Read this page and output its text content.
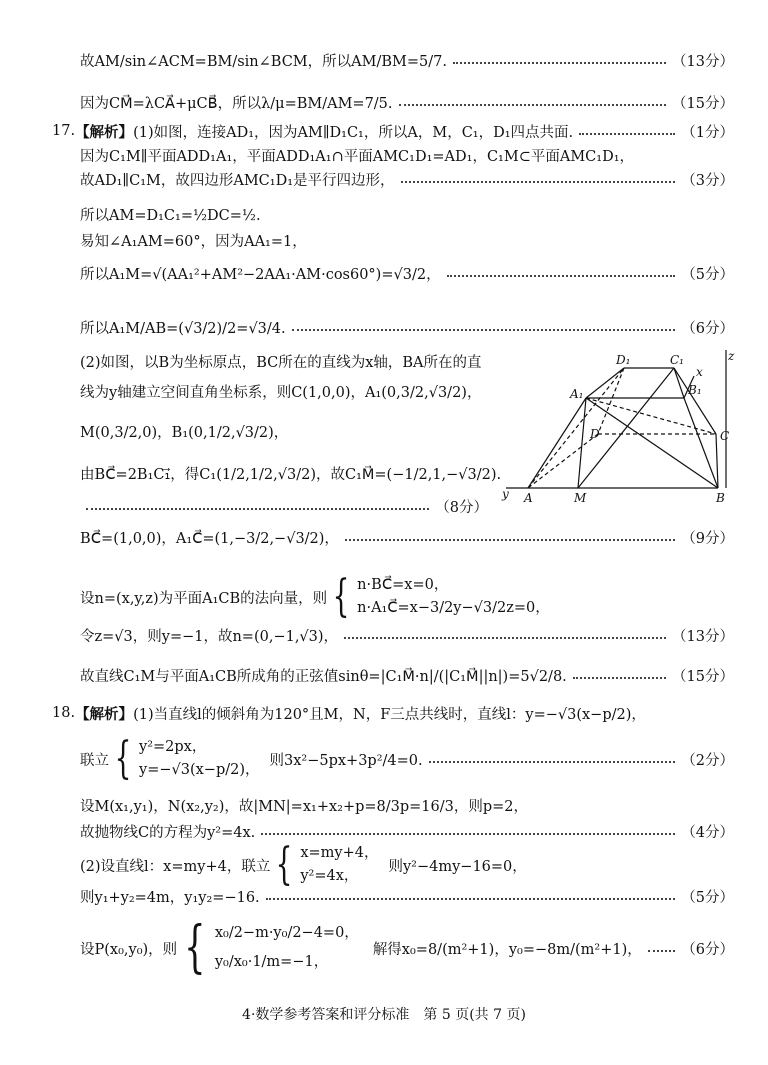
故AM/sin∠ACM=BM/sin∠BCM，所以AM/BM=5/7.	（13分）
因为CM⃗=λCA⃗+μCB⃗，所以λ/μ=BM/AM=7/5.	（15分）
17. 【解析】 (1)如图，连接AD₁，因为AM∥D₁C₁，所以A，M，C₁，D₁四点共面.	（1分）
因为C₁M∥平面ADD₁A₁，平面ADD₁A₁∩平面AMC₁D₁=AD₁，C₁M⊂平面AMC₁D₁，
故AD₁∥C₁M，故四边形AMC₁D₁是平行四边形，	（3分）
所以AM=D₁C₁=½DC=½.
易知∠A₁AM=60°，因为AA₁=1，
所以A₁M=√(AA₁²+AM²−2AA₁·AM·cos60°)=√3/2，	（5分）
所以A₁M/AB=(√3/2)/2=√3/4.	（6分）
(2)如图，以B为坐标原点，BC所在的直线为x轴，BA所在的直
线为y轴建立空间直角坐标系，则C(1,0,0)，A₁(0,3/2,√3/2)，
M(0,3/2,0)，B₁(0,1/2,√3/2)，
由BC⃗=2B₁C₁⃗，得C₁(1/2,1/2,√3/2)，故C₁M⃗=(−1/2,1,−√3/2).
（8分）
D₁	C₁
A₁	B₁
D	C
A	M	B
x
y
z
BC⃗=(1,0,0)，A₁C⃗=(1,−3/2,−√3/2)，	（9分）
设n=(x,y,z)为平面A₁CB的法向量，则 { n·BC⃗=x=0，
n·A₁C⃗=x−3/2y−√3/2z=0，
令z=√3，则y=−1，故n=(0,−1,√3)，	（13分）
故直线C₁M与平面A₁CB所成角的正弦值sinθ=|C₁M⃗·n|/(|C₁M⃗||n|)=5√2/8.	（15分）
18. 【解析】 (1)当直线l的倾斜角为120°且M，N，F三点共线时，直线l：y=−√3(x−p/2)，
联立 { y²=2px，
y=−√3(x−p/2)，
则3x²−5px+3p²/4=0.	（2分）
设M(x₁,y₁)，N(x₂,y₂)，故|MN|=x₁+x₂+p=8/3p=16/3，则p=2，
故抛物线C的方程为y²=4x.	（4分）
(2)设直线l：x=my+4，联立 { x=my+4，
y²=4x，
则y²−4my−16=0，
则y₁+y₂=4m，y₁y₂=−16.	（5分）
设P(x₀,y₀)，则 { x₀/2−m·y₀/2−4=0，
y₀/x₀·1/m=−1，
解得x₀=8/(m²+1)，y₀=−8m/(m²+1)，	（6分）
4·数学参考答案和评分标准　第 5 页(共 7 页)
